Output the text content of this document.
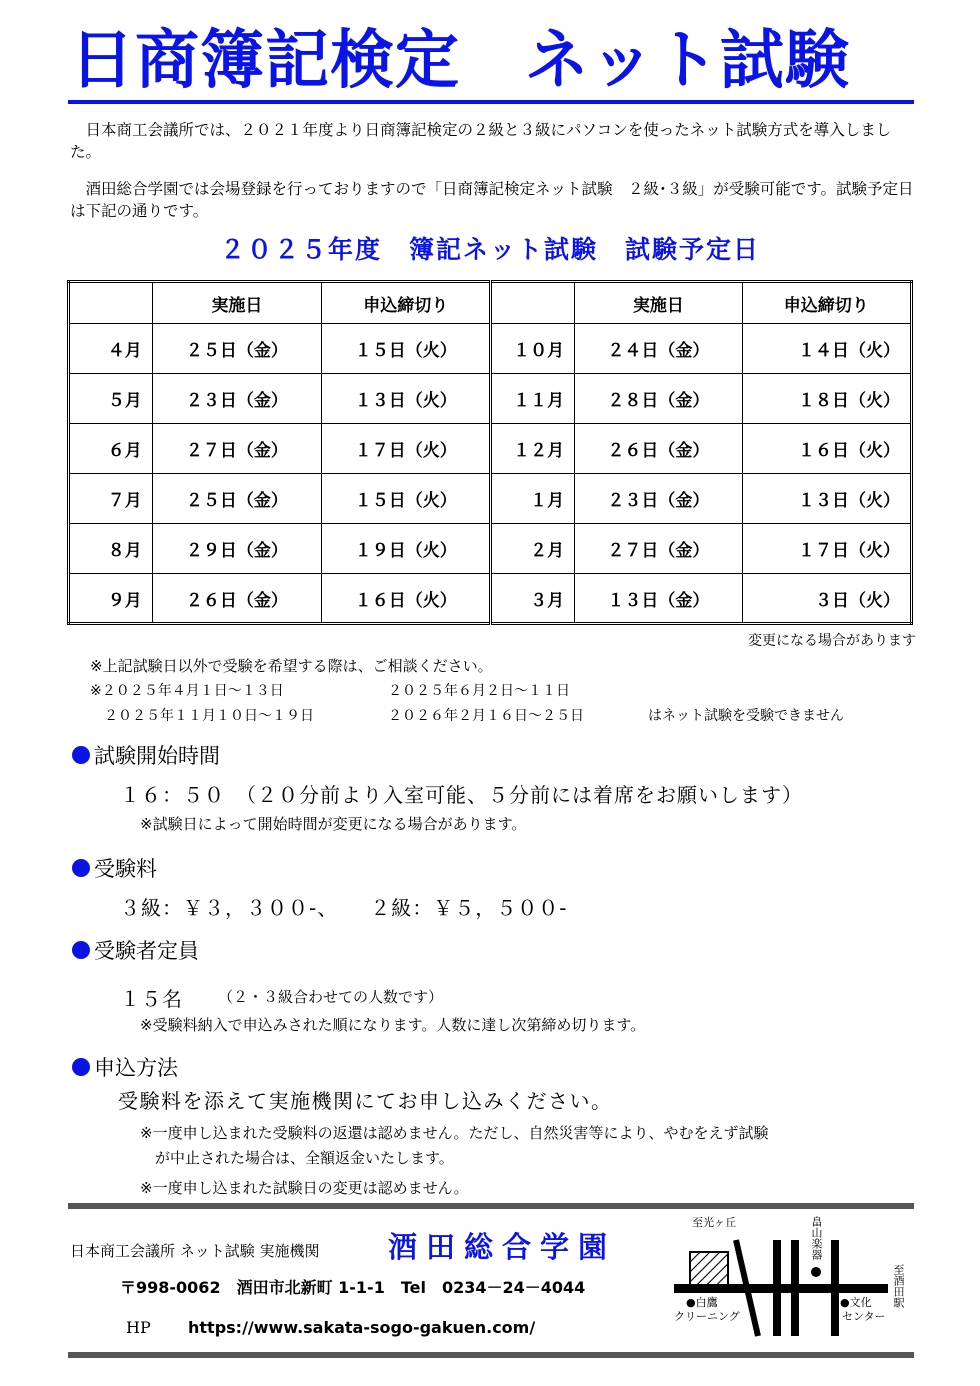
日商簿記検定　ネット試験
　日本商工会議所では、２０２１年度より日商簿記検定の２級と３級にパソコンを使ったネット試験方式を導入しました。
　酒田総合学園では会場登録を行っておりますので「日商簿記検定ネット試験　２級･３級」が受験可能です。試験予定日は下記の通りです。
２０２５年度　簿記ネット試験　試験予定日
	実施日	申込締切り		実施日	申込締切り
４月	２５日（金）	１５日（火）	１０月	２４日（金）	１４日（火）
５月	２３日（金）	１３日（火）	１１月	２８日（金）	１８日（火）
６月	２７日（金）	１７日（火）	１２月	２６日（金）	１６日（火）
７月	２５日（金）	１５日（火）	１月	２３日（金）	１３日（火）
８月	２９日（金）	１９日（火）	２月	２７日（金）	１７日（火）
９月	２６日（金）	１６日（火）	３月	１３日（金）	３日（火）
変更になる場合があります
※上記試験日以外で受験を希望する際は、ご相談ください。
※２０２５年４月１日～１３日	２０２５年６月２日～１１日
　２０２５年１１月１０日～１９日	２０２６年２月１６日～２５日	はネット試験を受験できません
試験開始時間
１６：５０　（２０分前より入室可能、５分前には着席をお願いします）
※試験日によって開始時間が変更になる場合があります。
受験料
３級：￥３，３００-、　　２級：￥５，５００-
受験者定員
１５名 （２・３級合わせての人数です）
※受験料納入で申込みされた順になります。人数に達し次第締め切ります。
申込方法
受験料を添えて実施機関にてお申し込みください。
※一度申し込まれた受験料の返還は認めません。ただし、自然災害等により、やむをえず試験
　が中止された場合は、全額返金いたします。
※一度申し込まれた試験日の変更は認めません。
日本商工会議所 ネット試験 実施機関 酒田総合学園
〒998-0062　酒田市北新町 1-1-1　Tel　0234－24－4044
HP https://www.sakata-sogo-gakuen.com/
至光ヶ丘	畠山楽器
至酒田駅
●白鷹
クリーニング
●文化
センター
